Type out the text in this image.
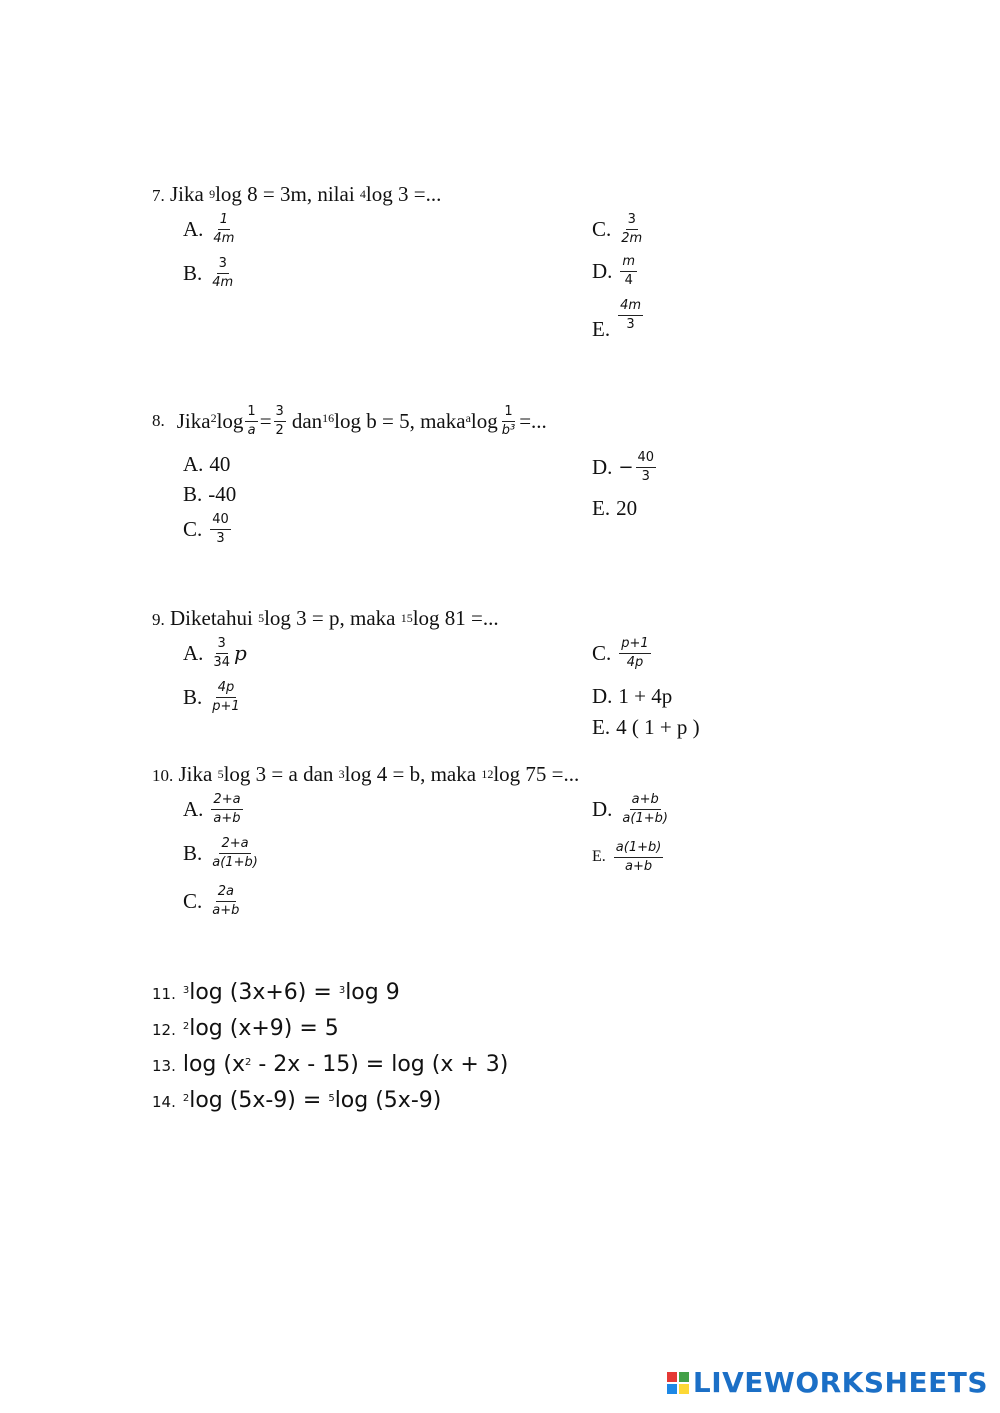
7. Jika $^9$log 8 = 3m, nilai $^4$log 3 =...
A. $\frac{1}{4m}$
B. $\frac{3}{4m}$
C. $\frac{3}{2m}$
D. $\frac{m}{4}$
E. $\frac{4m}{3}$
8. Jika $^2$ $\log \frac{1}{a} = \frac{3}{2}$ dan $^{16}$ log b = 5, maka $^a$ $\log \frac{1}{\text{b³}}$ =...
A. 40
B. -40
C. $\frac{40}{3}$
D. − $\frac{40}{3}$
E. 20
9. Diketahui $^5$log 3 = p, maka $^{15}$log 81 =...
A. $\frac{3}{34}$ p
B. $\frac{4p}{p+1}$
C. $\frac{p+1}{4p}$
D. 1 + 4p
E. 4 ( 1 + p )
10. Jika $^5$log 3 = a dan $^3$log 4 = b, maka $^{12}$log 75 =...
A. $\frac{2+a}{a+b}$
B. $\frac{2+a}{a(1+b)}$
C. $\frac{2a}{a+b}$
D. $\frac{a+b}{a(1+b)}$
E. $\frac{a(1+b)}{a+b}$
11. $^3$log (3x+6) = $^3$log 9
12. $^2$log (x+9) = 5
13. $\log (x^2 - 2x - 15) = \log (x + 3)$
14. $^2$log (5x-9) = $^5$log (5x-9)
LIVEWORKSHEETS
